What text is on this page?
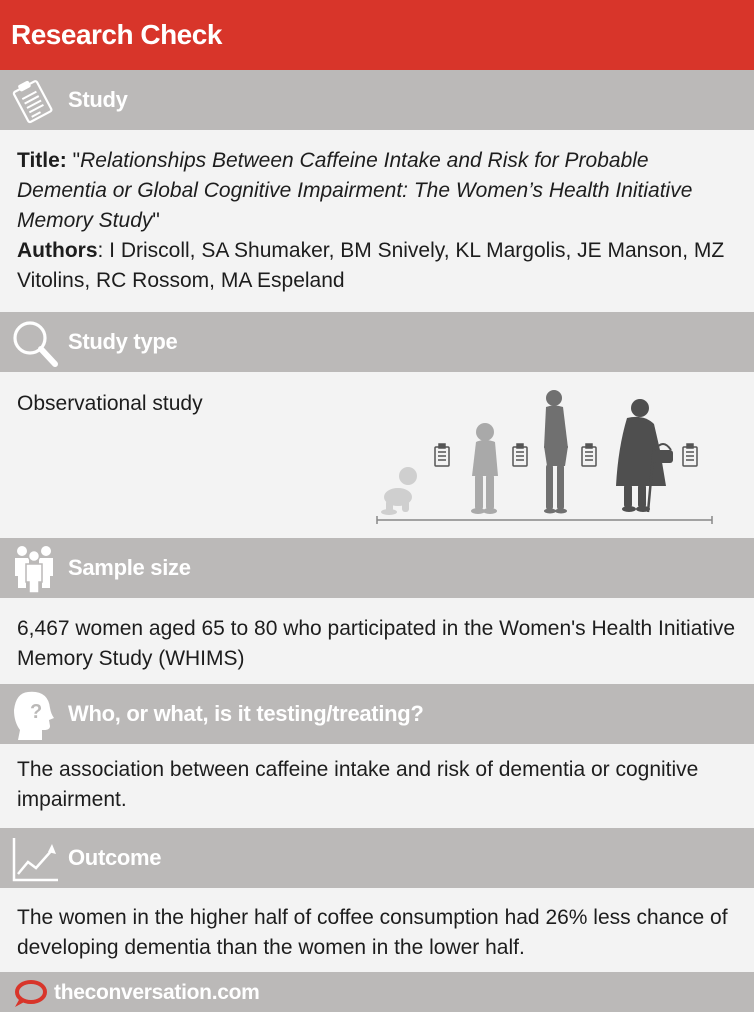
Research Check
Study
Title: "Relationships Between Caffeine Intake and Risk for Probable Dementia or Global Cognitive Impairment: The Women’s Health Initiative Memory Study"
Authors: I Driscoll, SA Shumaker, BM Snively, KL Margolis, JE Manson, MZ Vitolins, RC Rossom, MA Espeland
Study type
Observational study
Sample size
6,467 women aged 65 to 80 who participated in the Women's Health Initiative Memory Study (WHIMS)
? Who, or what, is it testing/treating?
The association between caffeine intake and risk of dementia or cognitive impairment.
Outcome
The women in the higher half of coffee consumption had 26% less chance of developing dementia than the women in the lower half.
theconversation.com
